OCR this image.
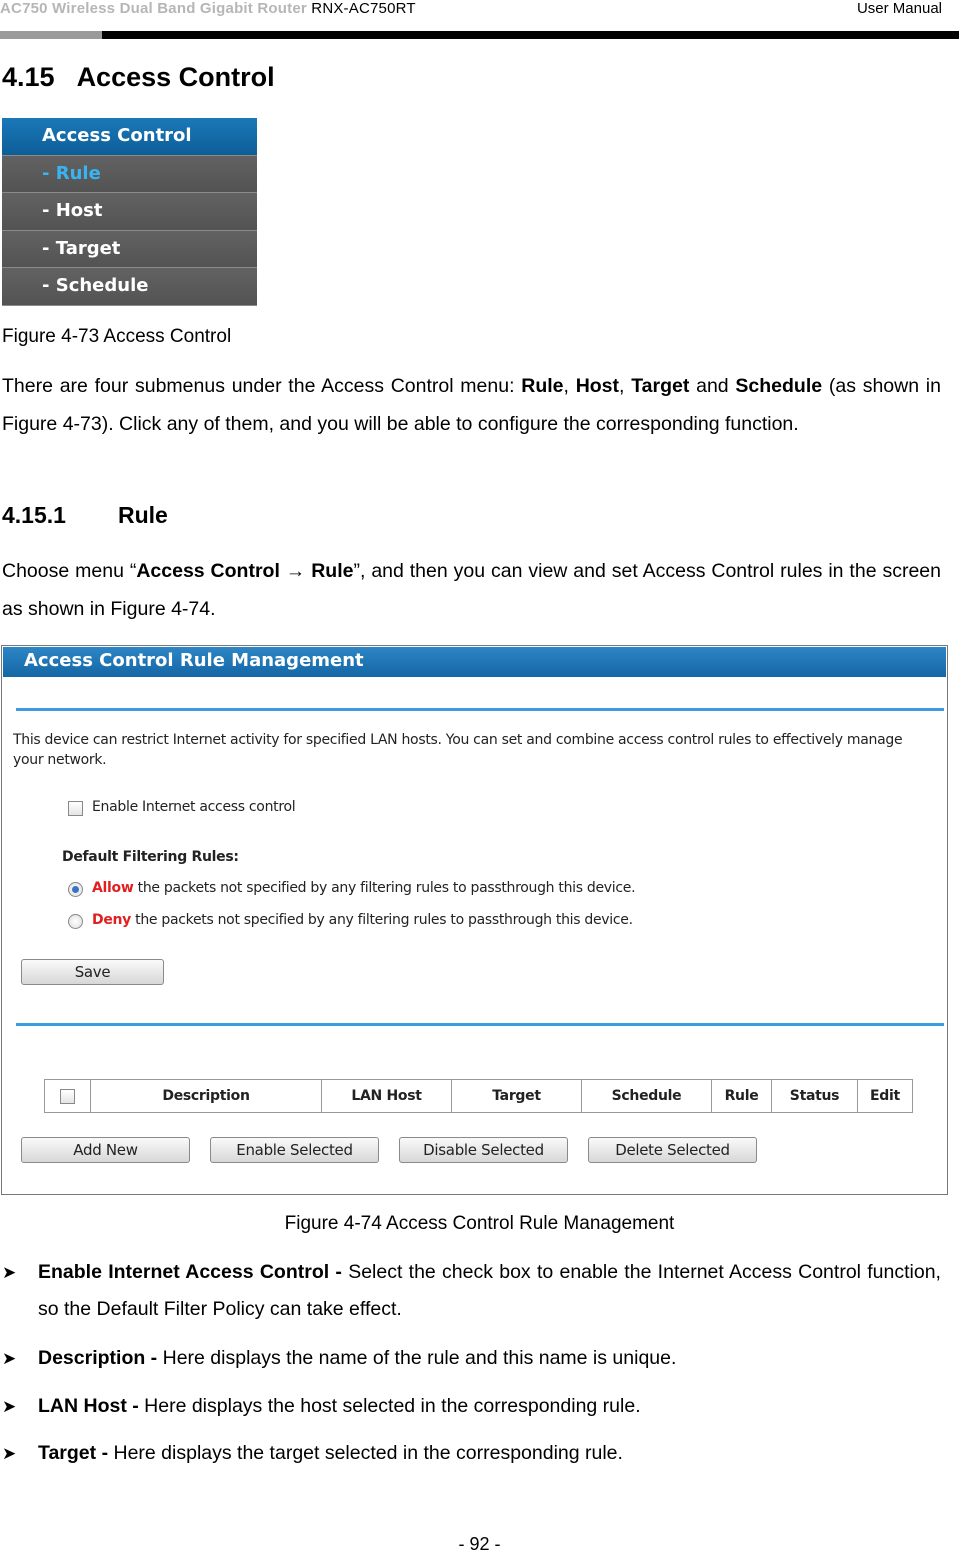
AC750 Wireless Dual Band Gigabit Router RNX-AC750RT	User Manual
4.15 Access Control
Access Control
- Rule
- Host
- Target
- Schedule
Figure 4-73 Access Control
There are four submenus under the Access Control menu: Rule, Host, Target and Schedule (as shown in Figure 4-73). Click any of them, and you will be able to configure the corresponding function.
4.15.1 Rule
Choose menu “Access Control → Rule”, and then you can view and set Access Control rules in the screen as shown in Figure 4-74.
Access Control Rule Management
This device can restrict Internet activity for specified LAN hosts. You can set and combine access control rules to effectively manage your network.
Enable Internet access control
Default Filtering Rules:
Allow the packets not specified by any filtering rules to passthrough this device.
Deny the packets not specified by any filtering rules to passthrough this device.
Save
Description	LAN Host	Target	Schedule	Rule	Status	Edit
Add New	Enable Selected	Disable Selected	Delete Selected
Figure 4-74 Access Control Rule Management
➤ Enable Internet Access Control - Select the check box to enable the Internet Access Control function, so the Default Filter Policy can take effect.
➤ Description - Here displays the name of the rule and this name is unique.
➤ LAN Host - Here displays the host selected in the corresponding rule.
➤ Target - Here displays the target selected in the corresponding rule.
- 92 -
